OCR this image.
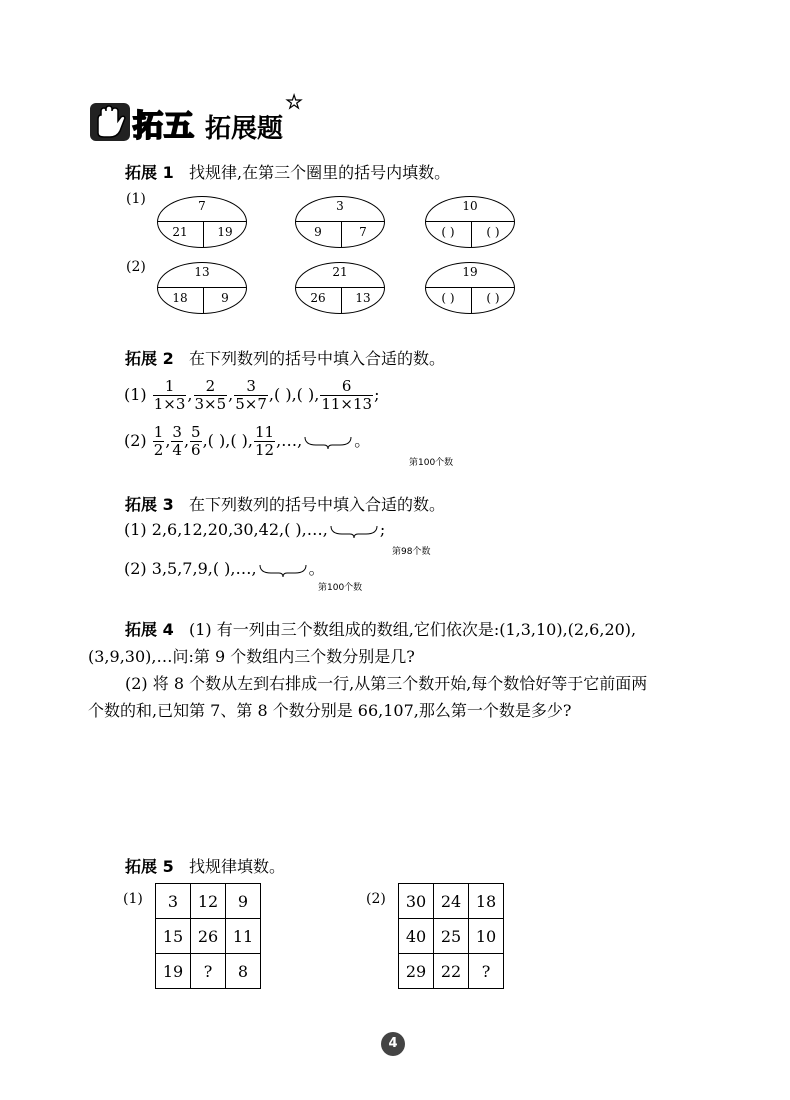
拓五 拓展题
★
拓展 1 找规律,在第三个圈里的括号内填数。
(1)	7
21	19
3
9	7
10
( )	( )
(2)	13
18	9
21
26	13
19
( )	( )
拓展 2 在下列数列的括号中填入合适的数。
$(1) \frac{1}{1\times 3}$ , $\frac{2}{3\times 5}$ , $\frac{3}{5\times 7}$ ,( ),( ), $\frac{6}{11\times 13}$ ;
$(2) \frac{1}{2}$ , $\frac{3}{4}$ , $\frac{5}{6}$ ,( ),( ), $\frac{11}{12}$ ,…,	。
第100个数
拓展 3 在下列数列的括号中填入合适的数。
(1) 2,6,12,20,30,42,( ),…,	;
第98个数
(2) 3,5,7,9,( ),…,	。
第100个数
拓展 4 (1) 有一列由三个数组成的数组,它们依次是:(1,3,10),(2,6,20),
(3,9,30),…问:第 9 个数组内三个数分别是几?
(2) 将 8 个数从左到右排成一行,从第三个数开始,每个数恰好等于它前面两
个数的和,已知第 7、第 8 个数分别是 66,107,那么第一个数是多少?
拓展 5 找规律填数。
(1) 3	12	9
15	26	11
19	?	8
(2) 30	24	18
40	25	10
29	22	?
4
